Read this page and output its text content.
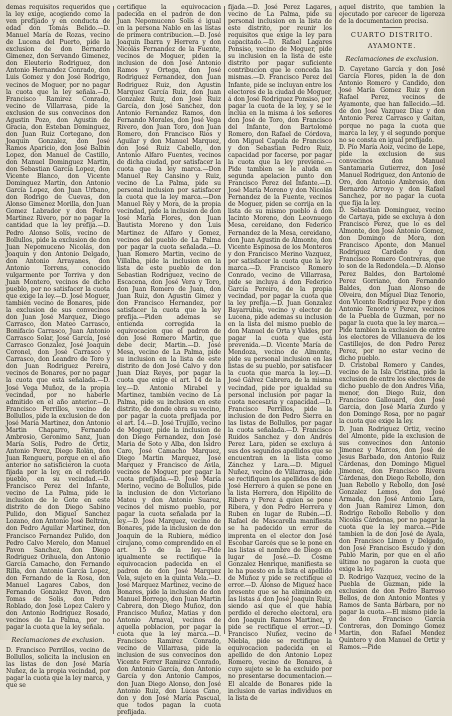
demas requisitos requeridos que la ley exige, acogiendo como la ven prefijado y en conducta de edad don Tomás Belido.—D. Manuel María de Rozas, vecino de Lucena del Puerto, pide la exclusion de don Bernardo Gimenez, don Servando Gimenez, don Eleuterio Rodriguez, don Antonio Hernandez Conrado, don Luis Gomez y don José Rodrigo, vecinos de Moguer, por no pagar la cuota que la ley señala.—D. Francisco Ramirez Conrado, vecino de Villarrasa, pide la exclusion de sus convecinos don Agustin Pozo, don Agustin de Gracia, don Esteban Dominguez, don Juan Ruiz Cortegano, don Joaquin Gonzalez, don José Ramos Aparicio, don José Balbin Lopez, don Manuel de Castillo, don Manuel Dominguez Martin, don Sebastian García Lopez, don Vicente Blanco, don Vicente Dominguez Martin, don Antonio García Lopez, don Juan Urbano, don Rodrigo de Cuevas, don Alonso Gimenez Morilla, don Juan Gomez Labrador y don Pedro Martinez Rivero, por no pagar la cantidad que la ley prefija.—D. Pedro Alonso Solís, vecino de Bollullos, pide la exclusion de don Juan Nepomuceno Nicolás, don Joaquin y don Antonio Delgado, don Antonio Arrayanes, don Antonio Torrens, conocido vulgarmente por Torriva y don Juan Montero, vecinos de dicho pueblo, por no satisfacer la cuota que exige la ley.—D. José Moguer, también vecino de Bonares, pide la exclusion de sus convecinos don Juan José Marquez, Diego Carrasco, don Mateo Carrasco, Bonifacio Carrasco, Juan Antonio Carrasco Solar, José García, José Carrasco Gonzalez, José Joaquin Coronel, don José Carrasco y Carrasco, don Leandro de Toro y don Juan Rodriguez Pereira, vecinos de Bonares, por no pagar la cuota que está señalada.—D. José Vega Muñoz, de la propia vecindad, por no haberle admitido en el año anterior.—D. Francisco Perrillos, vecino de Bollullos, pide la exclusion de don José María Martinez, don Antonio Martin Chaparro, Fernando Ambrosio, Geronimo Sanz, Juan María Solís, Pedro de Ortiz, Antonio Perez, Diego Rolán, don Juan Rengueru, porque en el año anterior no satisficieron la cuota fijada por la ley, en el referido pueblo, en su vecindad.—D. Francisco Perez del Infante, vecino de La Palma, pide le inclusion de le Gote en este distrito de don Diego Sabino Pulido, don Miguel Sanchez Lozano, don Antonio José Beltrán, don Pedro Aguilar Martinez, don Francisco Fernandez Pulido, don Pedro Calvo Merelo, don Manuel Pavon Sanchez, don Diego Rodriguez Orihuela, don Antonio García Camacho, don Fernando Rilla, don Antonio García Lopez, don Fernando de la Rosa, don Manuel Lagares Cabos, don Fernando Gonzalez Pavon, don Tomas de Solis, don Pedro Roblado, don José Lopez Calero y don Antonio Rodriguez Rosado, vecinos de La Palma, por no pagar la cuota que la ley señala.

Reclamaciones de exclusion.

D. Francisco Perrillos, vecino de Bollullos, solicita la inclusion en las listas de don José María Nuñez, de la propia vecindad, por pagar la cuota que la ley marca, y que se

certifique la equivocacion padecida en el padron de don Juan Nepomuceno Solís é igual en la persona Nablo en las listas de primera contribucion.—D. José Joaquin Ibarra y Herrera y don Nicolás Fernandez de la Fuente, vecinos de Moguer, piden la inclusion de don José Antonio Ramos y Ortega, don José Rodriguez Fernandez, don Juan Rodriguez Ruiz, don Agustin Marquez García Ruiz, don Juan Gonzalez Ruiz, don José Ruiz García, don José Sanchez, don Antonio Fernandez Ramos, don Fernando Morales, don José Vega Rivero, don Juan Toro, don Juan Romero, don Francisco Rios y Aguilar y don Manuel Marquez, don José Ruiz Cabello, don Antonio Alfaro Fuentes, vecinos de dicha ciudad, por satisfacer la cuota que la ley marca.—Don Manuel Rey Cansino y Ruiz, vecino de La Palma, pide su personal inclusion por satisfacer la cuota que la ley marca.—Don Manuel Rey y Mora, de la propia vecindad, pide la inclusion de don José María Flores, don Juan Bautista Moreno y don Luis Martinez de Alfaro y Gomez, vecinos del pueblo de La Palma por pagar la cuota señalada.—D. Juan Romero Martin, vecino de Villalba, pide la inclusion en la lista de este pueblo de don Sebastian Rodriguez, vecino de Escacena, don José Vera y Toro, don Juan Romero de Juan, don Juan Ruiz, don Agustin Gimez y don Francisco Hernandez, por satisfacer la cuota que la ley prefija.—Piden ademas se entienda corregida la equivocacion que el padron de don José Romero Martin, que debe decir, Martin.—D. José Mesa, vecino de La Palma, pide su inclusion en la lista de este distrito de don José Calvo y don Juan Díaz Reyes, por pagar la cuota que exige el art. 14 de la ley.—D. Antonio Mirabel y Martinez, también vecino de La Palma, pide su inclusion en este distrito, de donde obra su vecino, por pagar la cuota prefijada por el art. 14.—D. José Trujillo, vecino de Moguer, pide la inclusion de don Diego Fernandez, don José Maria de Soto y Alba, don Isidro Caro, José Camacho Marquez, Diego Martin Marquez, José Marquez y Francisco de Avila, vecinos de Moguer, por pagar la cuota prefijada.—D. José María Merino, vecino de Bollullos, pide la inclusion de don Victoriano Mateu y don Antonio Suarez, vecinos del mismo pueblo, por pagar la cuota señalada por la ley.—D. José Marquez, vecino de Bonares, pide la inclusion de don Joaquin de la Rubiera, médico cirujano, como comprendido en el art. 15 de la ley.—Pide igualmente se rectifique la equivocacion padecida en el padron de don José Marquez Vela, sujeto en la quinta Vela.—D. José Marquez Martinez, vecino de Bonares, pide la inclusion de don Manuel Borrego, don Juan Martin Cabrera, don Diego Muñoz, don Francisco Muñoz, Matias y don Antonio Arnaval, vecinos de aquella poblacion, por pagar la cuota que la ley marca.—D. Francisco Ramirez Conrado, vecino de Villarrasa, pide la inclusion de sus convecinos don Vicente Ferrer Ramirez Conrado, don Antonio García, don Antonio García y don Antonio Campos, don Juan Diego Alonso, don José Antonio Ruiz, don Lúcas Cano, don y don José María Pascual, que todos pagan la cuota prefijada.

fijada.—D. José Perez Lagares, vecino de La Palma, pide su personal inclusion en la lista de este distrito, por reunir los requisitos que exige la ley para capacitado.—D. Rafael Lagares Ponsiso, vecino de Moguer, pide su inclusion en la lista de este distrito por pagar suficiente contribucion que le conceda las mismas.—D. Francisco Perez del Infante, pide se incluyan entre los electores de la ciudad de Moguer, á don José Rodriguez Ponsiso, por pagar la cuota de la ley, y se le inclúa en la misma á los señores don José de Toro, don Francisco del Infante, don Bartolomé Romero, don Rafael de Córdova, don Miguel Capula de Francisco y don Sebastian Pedro Ruiz, capacidad por facerse, por pagar la cuota que la ley previene.—Pide tambien se le aluda en segunda apelacion punto don Francisco Perez del Infante.—D. José María Moreno y don Nicolás Fernandez de la Fuente, vecinos de Moguer, piden se corrija en la lista de su mismo pueblo á don Jacinto Moreno, don Leovnuego Mesa, cereidano, don Federico Fernandez de la Mesa, cereidano, don Juan Agustin de Almonte, don Vicente Espinosa de los Monteros y don Francisco Merino Vazquez, por satisfacer la cuota que la ley marca.—D. Francisco Romero Conrado, vecino de Villarrasa, pide se incluya á don Federico García Pereiro, de la propia vecindad, por pagar la cuota que la ley prefija.—D. Juan Gonzalez Bayarrubia, vecino y elector de Lucena, pide ademas su inclusion en la lista del mismo pueblo de don Manuel de Orta y Valdes, por pagar la cuota que está prevenida.—D. Vicente María de Mendoza, vecino de Almonte, pide su personal inclusion en las listas de su pueblo, por satisfacer la cuota que marca la ley.—D. José Gálvez Cabrera, de la misma vecindad, pide por igualdad su personal inclusion por pagar la cuota necesaria y capacidad.—D. Francisco Perrillos, pide la inclusion de don Pedro Sierra en las listas de Bollullos, por pagar la cuota señalada.—D. Francisco Ruidos Sanchez y don Andrés Perez Lara, piden se excluya á sus dos segundos apellidos que se encuentran en la lista como Zánchez y Lara.—D. Miguel Nuñez, vecino de Villarrasa, pide se rectifiquen los apellidos de don José Herrero á quien se pone en la lista Herrera, don Hipólito de Ribera y Perez á quien se pone Ribera, y don Pedro Herrera y Ruben en lugar de Rubén.—D. Rafael de Mascarella manifiesta se ha padecido un error de imprenta en el elector don José Escobar Garcés que se le pone en las listas el nombre de Diego en lugar de José.—D. Cosme Gonzalez Henrique, manifiesta se le ha puesto en la lista el apellido de Muñoz y pide se rectifique el error.—D. Alonso de Miguez hace presente que se ha eliminado en las listas á don José Joaquin Ruiz, siendo así que el que había perdido el derecho electoral, era don Joaquin Ramos Martinez, y pide se rectifique el error.—D. Francisco Nuñez, vecino de Niebla, pide se rectifique la equivocacion padecida en el apellido de don Antonio Lopez Romero, vecino de Bonares, á cuyo sujeto se le ha excluido por no presentarse documentacion.—El alcalde de Bonares pide la inclusion de varias individuos en la lista de

aquel distrito, que tambien la ejecutado por carecer de ligereza de la documentacion precisa.

CUARTO DISTRITO.

AYAMONTE.

Reclamaciones de exclusion.

D. Cayetano García y don José García Flores, piden la de don Antonio Romero y Candido, don José María Gomez Ruiz y don Rafael Perez, vecinos de Ayamonte, que han fallecido.—Id. de don José Vazquez Diaz y don Antonio Perez Carrasco y Gaitan, porque no paga la cuota que marca la ley, y el segundo porque no se consta en igual prefijado.

D. Pío María Aoiz, vecino de Lepe, pide la exclusion de sus convecinos don Manuel Santamaria Gutierrez, don José Manuel Rodriguez, don Antonio de Oro, don Antonio Ambrosio, don Bernardo Arroyo y don Rafael Sanchez, por no pagar la cuota que fija la ley.

D. Sebastian Dominguez, vecino de Cartaya, pide se excluya á don Francisco Perez, que lo es del Almonte, don José Antonio Gomez, don Domingo de Mora, don Francisco Aponte, don Manuel Rodriguez Cardeño y don Francisco Romero Contreras, que lo son de la Redondela.—D. Alonso Perez Baldes, don Bartolomé Perez Gorriano, don Fernando Baldes, don Juan Alonso de Olveira, don Miguel Diaz Tenorio, don Vicente Rodriguez Pepe y don Antonio Tenorio y Perez, vecinos de la Puebla de Guzman, por no pagar la cuota que la ley marca.—Pide tambien la exclusion de entre los electores de Villanueva de los Castillejos, de don Pedro Perez Perez, por no estar vecino de dicho pueblo.

D. Cristobal Romero y Candes, vecino de la Isla Cristina, pide la exclusion de entre los electores de dicho pueblo de don Andres Viña, menor, don Diego Ruiz, don Francisco Gallouard, don José Garcia, don José María Zurdo y don Domingo Rosa, por no pagar la cuota que exige la ley.

D. Juan Rodriguez Ortiz, vecino del Almonte, pide la exclusion de sus convecinos don Antonio Jimenez y Marcos, don José de Jesus Barbado, don Antonio Ruiz Cárdenas, don Domingo Miguel Jimenez, don Francisco Rivera Cárdenas, don Diego Rebollo, don Juan Rebollo y Rebollo, don José Gonzalez Lemos, don José Armada, don José Antonio Lara, don Juan Ramirez Limon, don Rodrigo Rebollo Rebollo y don Nicolás Cárdenas, por no pagar la cuota que la ley marca.—Pide tambien la de don José de Ayala, don Francisco Limon y Delgado, don José Francisco Escudo y don Pablo Marin, por que en el año último no pagaron la cuota que exige la ley.

D. Rodrigo Vazquez, vecino de la Puebla de Guzman, pide la exclusion de don Pedro Barroso Bellos, de don Antonio Montes y Ramos de Santa Bárbara, por no pagar la cuota.—El mismo pide la de don Francisco García Contreras, don Domingo Gomez Martin, don Rafael Mendez Quintero y don Manuel de Ortiz y Ramos.—Pide
